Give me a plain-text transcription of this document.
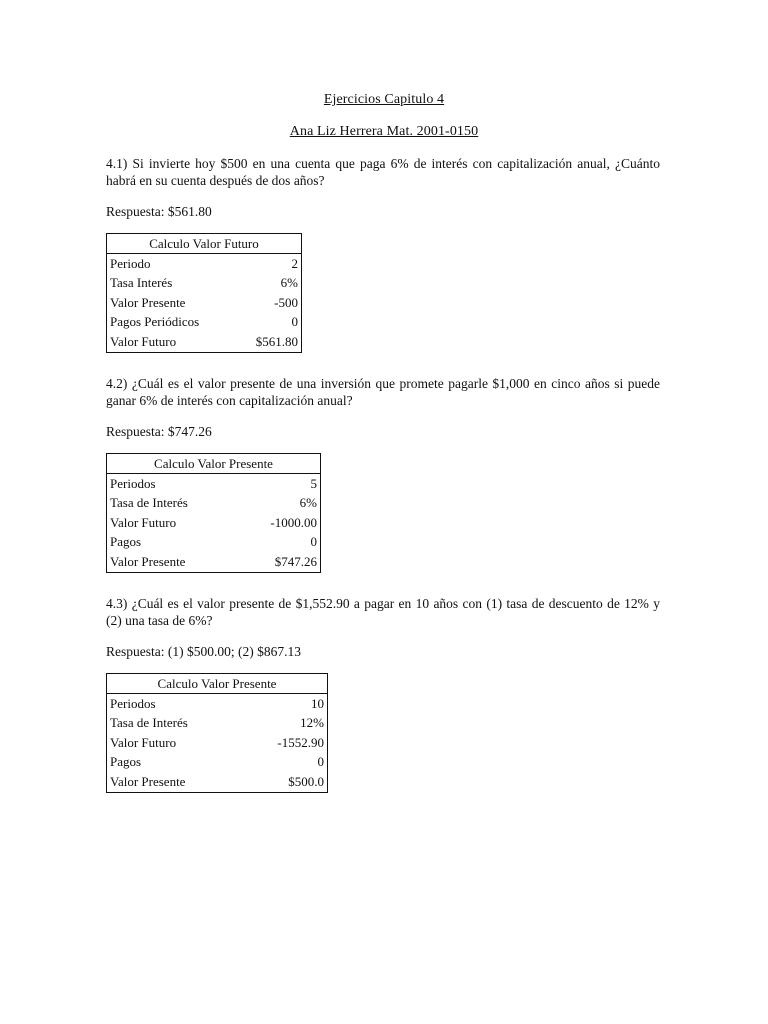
Ejercicios Capitulo 4
Ana Liz Herrera Mat. 2001-0150
4.1) Si invierte hoy $500 en una cuenta que paga 6% de interés con capitalización anual, ¿Cuánto habrá en su cuenta después de dos años?
Respuesta: $561.80
Calculo Valor Futuro	
Periodo	2
Tasa Interés	6%
Valor Presente	-500
Pagos Periódicos	0
Valor Futuro	$561.80
4.2) ¿Cuál es el valor presente de una inversión que promete pagarle $1,000 en cinco años si puede ganar 6% de interés con capitalización anual?
Respuesta: $747.26
Calculo Valor Presente	
Periodos	5
Tasa de Interés	6%
Valor Futuro	-1000.00
Pagos	0
Valor Presente	$747.26
4.3) ¿Cuál es el valor presente de $1,552.90 a pagar en 10 años con (1) tasa de descuento de 12% y (2) una tasa de 6%?
Respuesta: (1) $500.00; (2) $867.13
Calculo Valor Presente	
Periodos	10
Tasa de Interés	12%
Valor Futuro	-1552.90
Pagos	0
Valor Presente	$500.0
